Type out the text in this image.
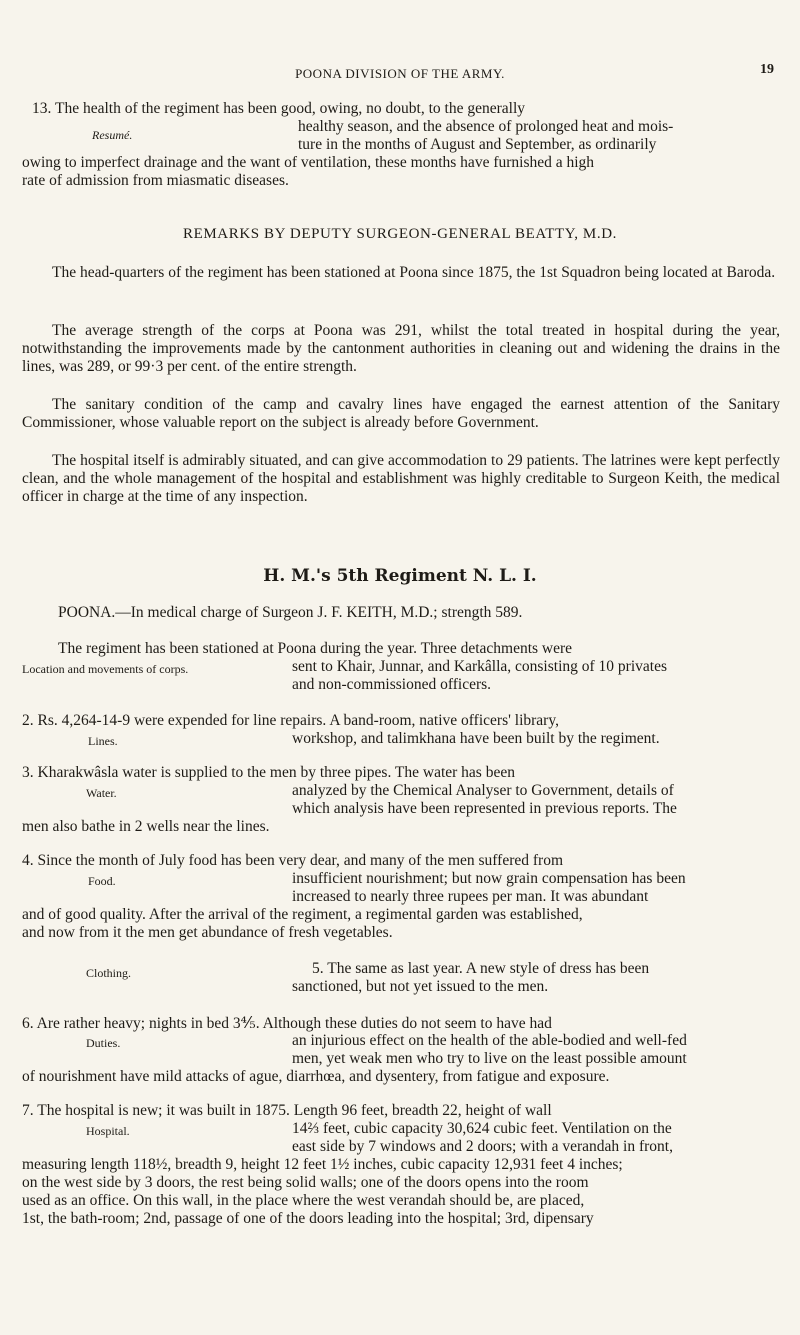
POONA DIVISION OF THE ARMY.	19
13. The health of the regiment has been good, owing, no doubt, to the generally
Resumé.	healthy season, and the absence of prolonged heat and mois-
ture in the months of August and September, as ordinarily
owing to imperfect drainage and the want of ventilation, these months have furnished a high
rate of admission from miasmatic diseases.
REMARKS BY DEPUTY SURGEON-GENERAL BEATTY, M.D.
The head-quarters of the regiment has been stationed at Poona since 1875, the 1st Squadron being located at Baroda.
The average strength of the corps at Poona was 291, whilst the total treated in hospital during the year, notwithstanding the improvements made by the cantonment authorities in cleaning out and widening the drains in the lines, was 289, or 99·3 per cent. of the entire strength.
The sanitary condition of the camp and cavalry lines have engaged the earnest attention of the Sanitary Commissioner, whose valuable report on the subject is already before Government.
The hospital itself is admirably situated, and can give accommodation to 29 patients. The latrines were kept perfectly clean, and the whole management of the hospital and establishment was highly creditable to Surgeon Keith, the medical officer in charge at the time of any inspection.
H. M.'s 5th Regiment N. L. I.
POONA.—In medical charge of Surgeon J. F. KEITH, M.D.; strength 589.
The regiment has been stationed at Poona during the year. Three detachments were
Location and movements of corps.	sent to Khair, Junnar, and Karkâlla, consisting of 10 privates
and non-commissioned officers.
2. Rs. 4,264-14-9 were expended for line repairs. A band-room, native officers' library,
Lines.	workshop, and talimkhana have been built by the regiment.
3. Kharakwâsla water is supplied to the men by three pipes. The water has been
Water.	analyzed by the Chemical Analyser to Government, details of
which analysis have been represented in previous reports. The
men also bathe in 2 wells near the lines.
4. Since the month of July food has been very dear, and many of the men suffered from
Food.	insufficient nourishment; but now grain compensation has been
increased to nearly three rupees per man. It was abundant
and of good quality. After the arrival of the regiment, a regimental garden was established,
and now from it the men get abundance of fresh vegetables.
Clothing.	5. The same as last year. A new style of dress has been
sanctioned, but not yet issued to the men.
6. Are rather heavy; nights in bed 3⅘. Although these duties do not seem to have had
Duties.	an injurious effect on the health of the able-bodied and well-fed
men, yet weak men who try to live on the least possible amount
of nourishment have mild attacks of ague, diarrhœa, and dysentery, from fatigue and exposure.
7. The hospital is new; it was built in 1875. Length 96 feet, breadth 22, height of wall
Hospital.	14⅔ feet, cubic capacity 30,624 cubic feet. Ventilation on the
east side by 7 windows and 2 doors; with a verandah in front,
measuring length 118½, breadth 9, height 12 feet 1½ inches, cubic capacity 12,931 feet 4 inches;
on the west side by 3 doors, the rest being solid walls; one of the doors opens into the room
used as an office. On this wall, in the place where the west verandah should be, are placed,
1st, the bath-room; 2nd, passage of one of the doors leading into the hospital; 3rd, dipensary
